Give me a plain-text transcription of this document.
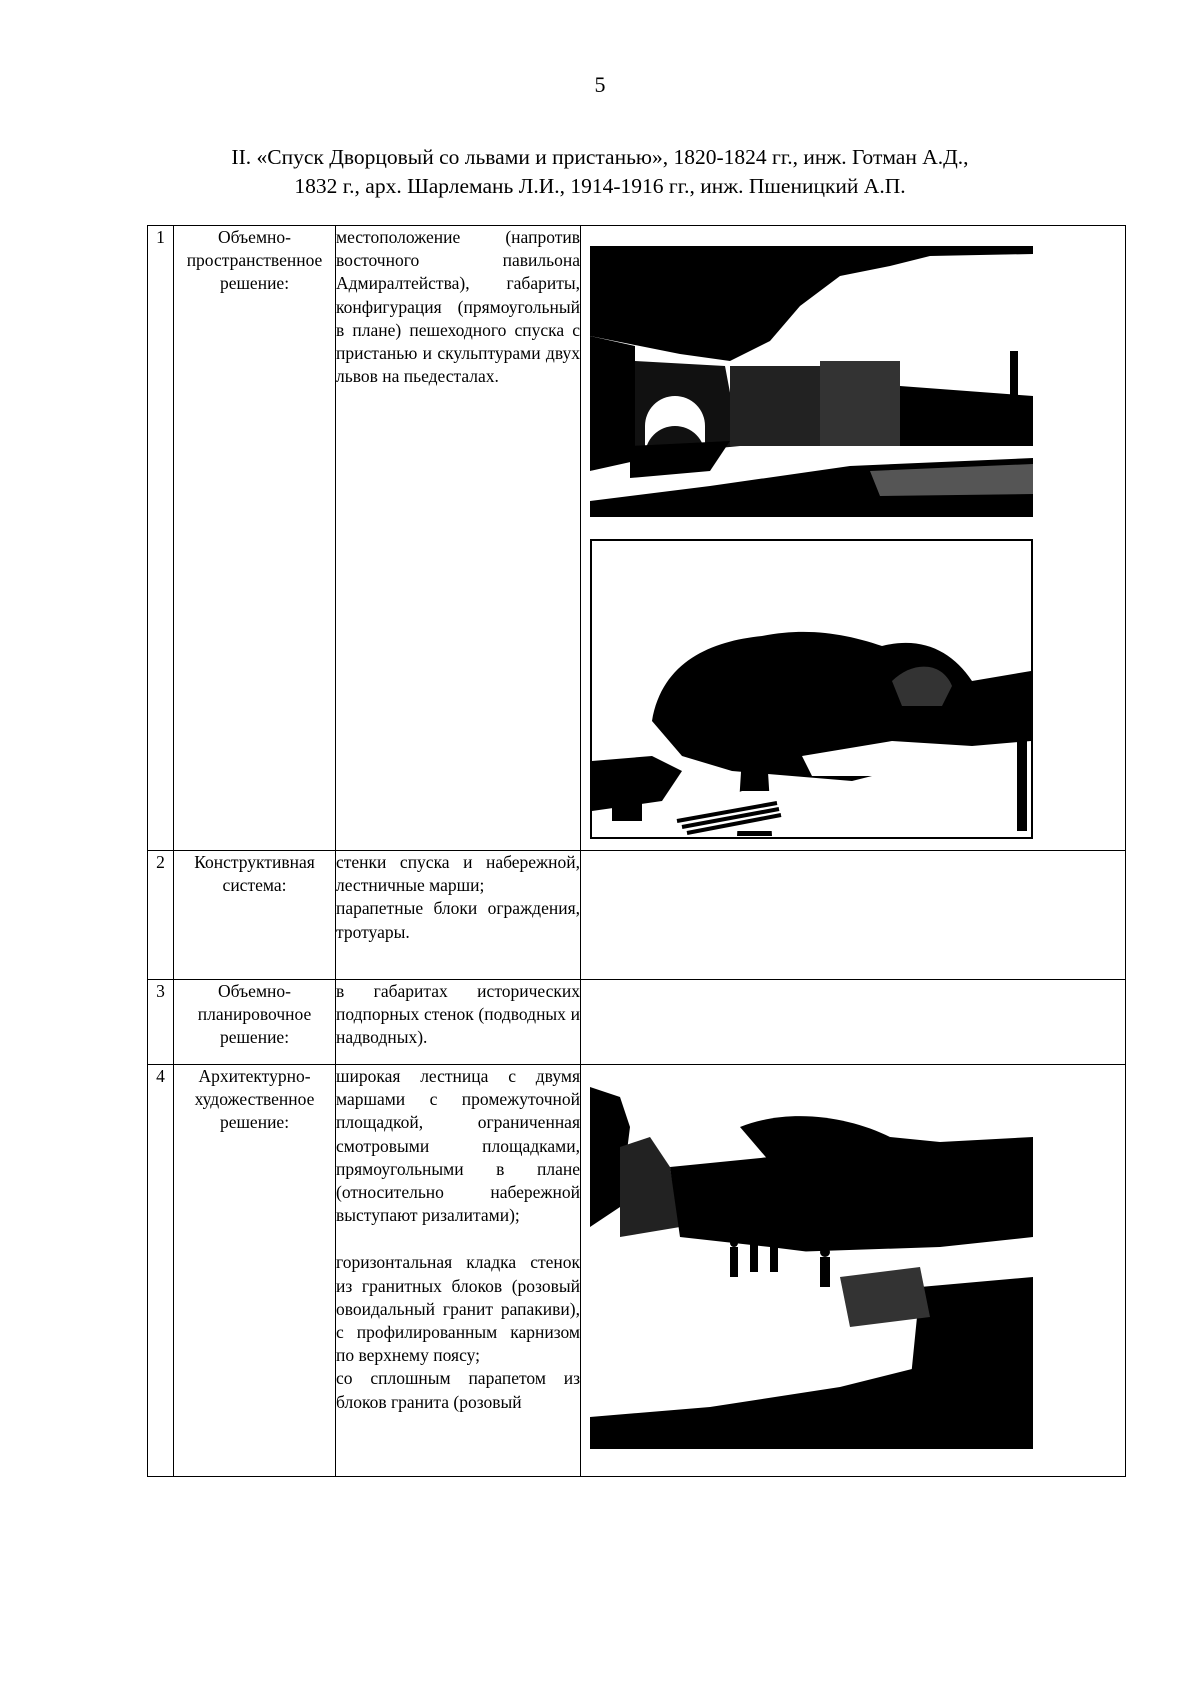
5
II. «Спуск Дворцовый со львами и пристанью», 1820-1824 гг., инж. Готман А.Д.,
1832 г., арх. Шарлемань Л.И., 1914-1916 гг., инж. Пшеницкий А.П.
1	Объемно-пространственное решение:	местоположение (напротив восточного павильона Адмиралтейства), габариты, конфигурация (прямоугольный в плане) пешеходного спуска с пристанью и скульптурами двух львов на пьедесталах.

2	Конструктивная система:	стенки спуска и набережной, лестничные марши;

парапетные блоки ограждения, тротуары.	

3	Объемно-планировочное решение:	в габаритах исторических подпорных стенок (подводных и надводных).	

4	Архитектурно-художественное решение:	широкая лестница с двумя маршами с промежуточной площадкой, ограниченная смотровыми площадками, прямоугольными в плане (относительно набережной выступают ризалитами);

горизонтальная кладка стенок из гранитных блоков (розовый овоидальный гранит рапакиви), с профилированным карнизом по верхнему поясу;

со сплошным парапетом из блоков гранита (розовый
